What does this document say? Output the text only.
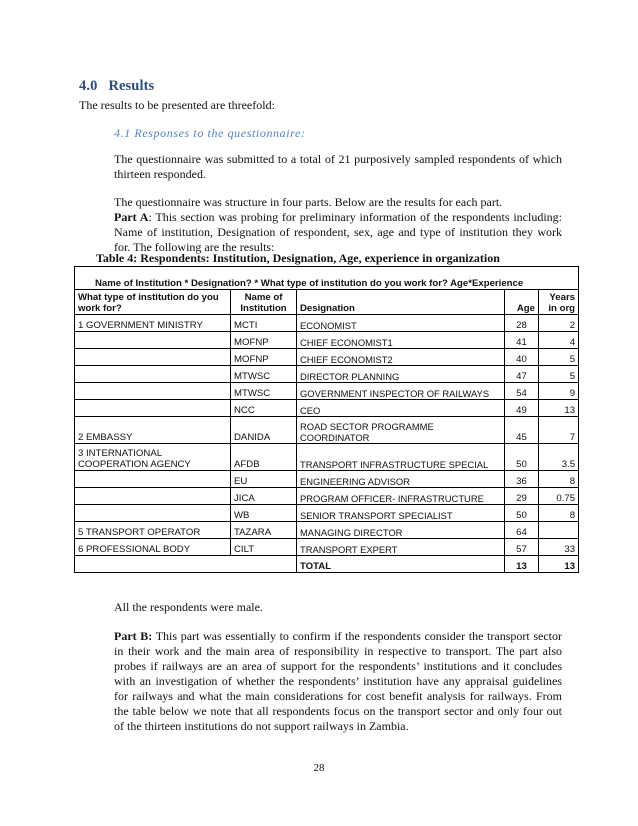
4.0 Results
The results to be presented are threefold:
4.1 Responses to the questionnaire:

The questionnaire was submitted to a total of 21 purposively sampled respondents of which thirteen responded.

The questionnaire was structure in four parts. Below are the results for each part.

Part A: This section was probing for preliminary information of the respondents including: Name of institution, Designation of respondent, sex, age and type of institution they work for. The following are the results:

Table 4: Respondents: Institution, Designation, Age, experience in organization

Name of Institution * Designation? * What type of institution do you work for? Age*Experience				
What type of institution do you work for?	Name of Institution	Designation	Age	Years in org
1 GOVERNMENT MINISTRY	MCTI	ECONOMIST	28	2
	MOFNP	CHIEF ECONOMIST1	41	4
	MOFNP	CHIEF ECONOMIST2	40	5
	MTWSC	DIRECTOR PLANNING	47	5
	MTWSC	GOVERNMENT INSPECTOR OF RAILWAYS	54	9
	NCC	CEO	49	13
2 EMBASSY	DANIDA	ROAD SECTOR PROGRAMME COORDINATOR	45	7
3 INTERNATIONAL COOPERATION AGENCY	AFDB	TRANSPORT INFRASTRUCTURE SPECIAL	50	3.5
	EU	ENGINEERING ADVISOR	36	8
	JICA	PROGRAM OFFICER- INFRASTRUCTURE	29	0.75
	WB	SENIOR TRANSPORT SPECIALIST	50	8
5 TRANSPORT OPERATOR	TAZARA	MANAGING DIRECTOR	64	
6 PROFESSIONAL BODY	CILT	TRANSPORT EXPERT	57	33
		TOTAL	13	13
All the respondents were male.

Part B: This part was essentially to confirm if the respondents consider the transport sector in their work and the main area of responsibility in respective to transport. The part also probes if railways are an area of support for the respondents’ institutions and it concludes with an investigation of whether the respondents’ institution have any appraisal guidelines for railways and what the main considerations for cost benefit analysis for railways. From the table below we note that all respondents focus on the transport sector and only four out of the thirteen institutions do not support railways in Zambia.

28
